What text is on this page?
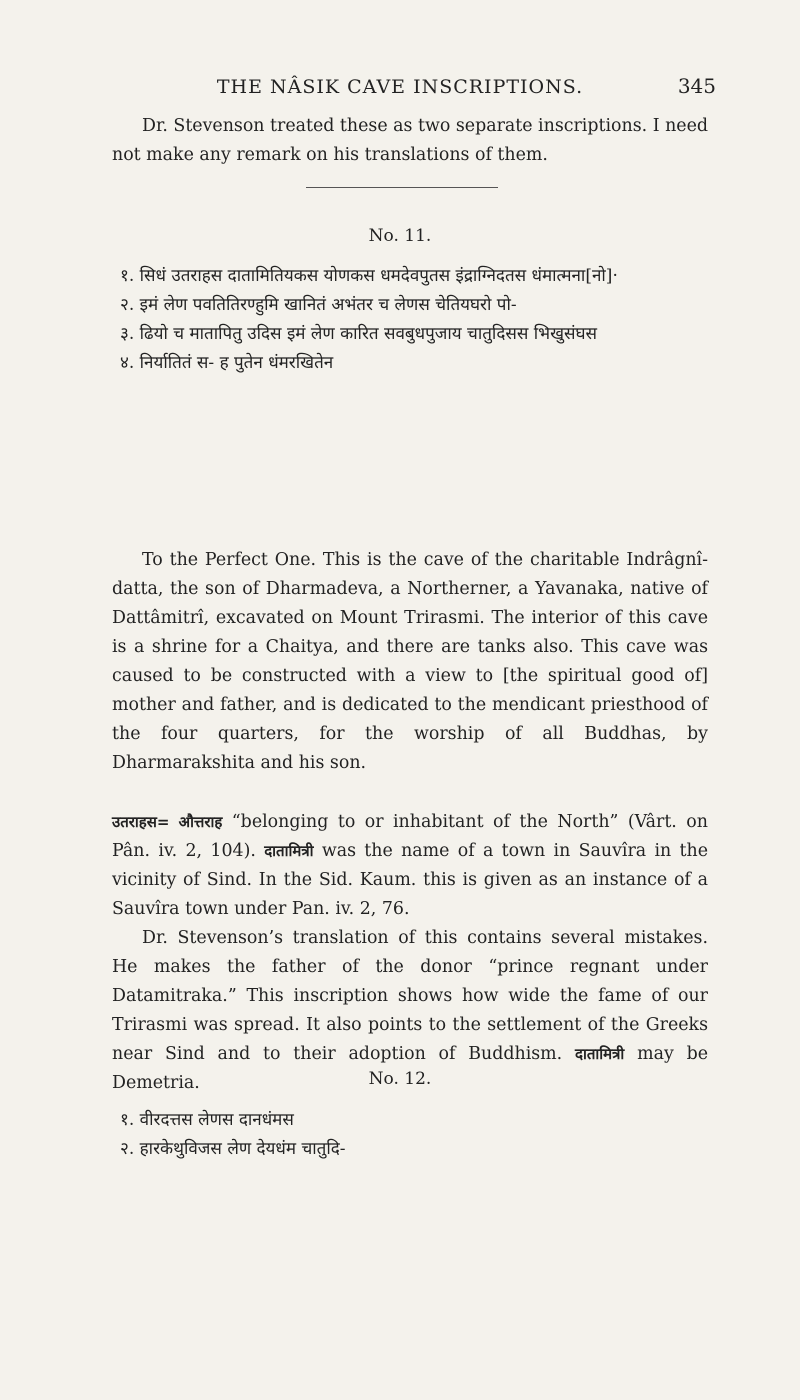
THE NÂSIK CAVE INSCRIPTIONS.	345

Dr. Stevenson treated these as two separate inscriptions. I need not make any remark on his translations of them.

No. 11.

१. सिधं उतराहस दातामितियकस योणकस धमदेवपुतस इंद्राग्निदतस धंमात्मना[नो]·

२. इमं लेण पवतितिरण्हुमि खानितं अभंतर च लेणस चेतियघरो पो-

३. ढियो च मातापितु उदिस इमं लेण कारित सवबुधपुजाय चातुदिसस भिखुसंघस

४. निर्यातितं स- ह पुतेन धंमरखितेन

To the Perfect One. This is the cave of the charitable Indrâgnî-datta, the son of Dharmadeva, a Northerner, a Yavanaka, native of Dattâmitrî, excavated on Mount Trirasmi. The interior of this cave is a shrine for a Chaitya, and there are tanks also. This cave was caused to be constructed with a view to [the spiritual good of] mother and father, and is dedicated to the mendicant priesthood of the four quarters, for the worship of all Buddhas, by Dharmarakshita and his son.

उतराहस= औत्तराह “belonging to or inhabitant of the North” (Vârt. on Pân. iv. 2, 104). दातामित्री was the name of a town in Sauvîra in the vicinity of Sind. In the Sid. Kaum. this is given as an instance of a Sauvîra town under Pan. iv. 2, 76.

Dr. Stevenson’s translation of this contains several mistakes. He makes the father of the donor “prince regnant under Datamitraka.” This inscription shows how wide the fame of our Trirasmi was spread. It also points to the settlement of the Greeks near Sind and to their adoption of Buddhism. दातामित्री may be Demetria.	No. 12.

१. वीरदत्तस लेणस दानधंमस

२. हारकेथुविजस लेण देयधंम चातुदि-
